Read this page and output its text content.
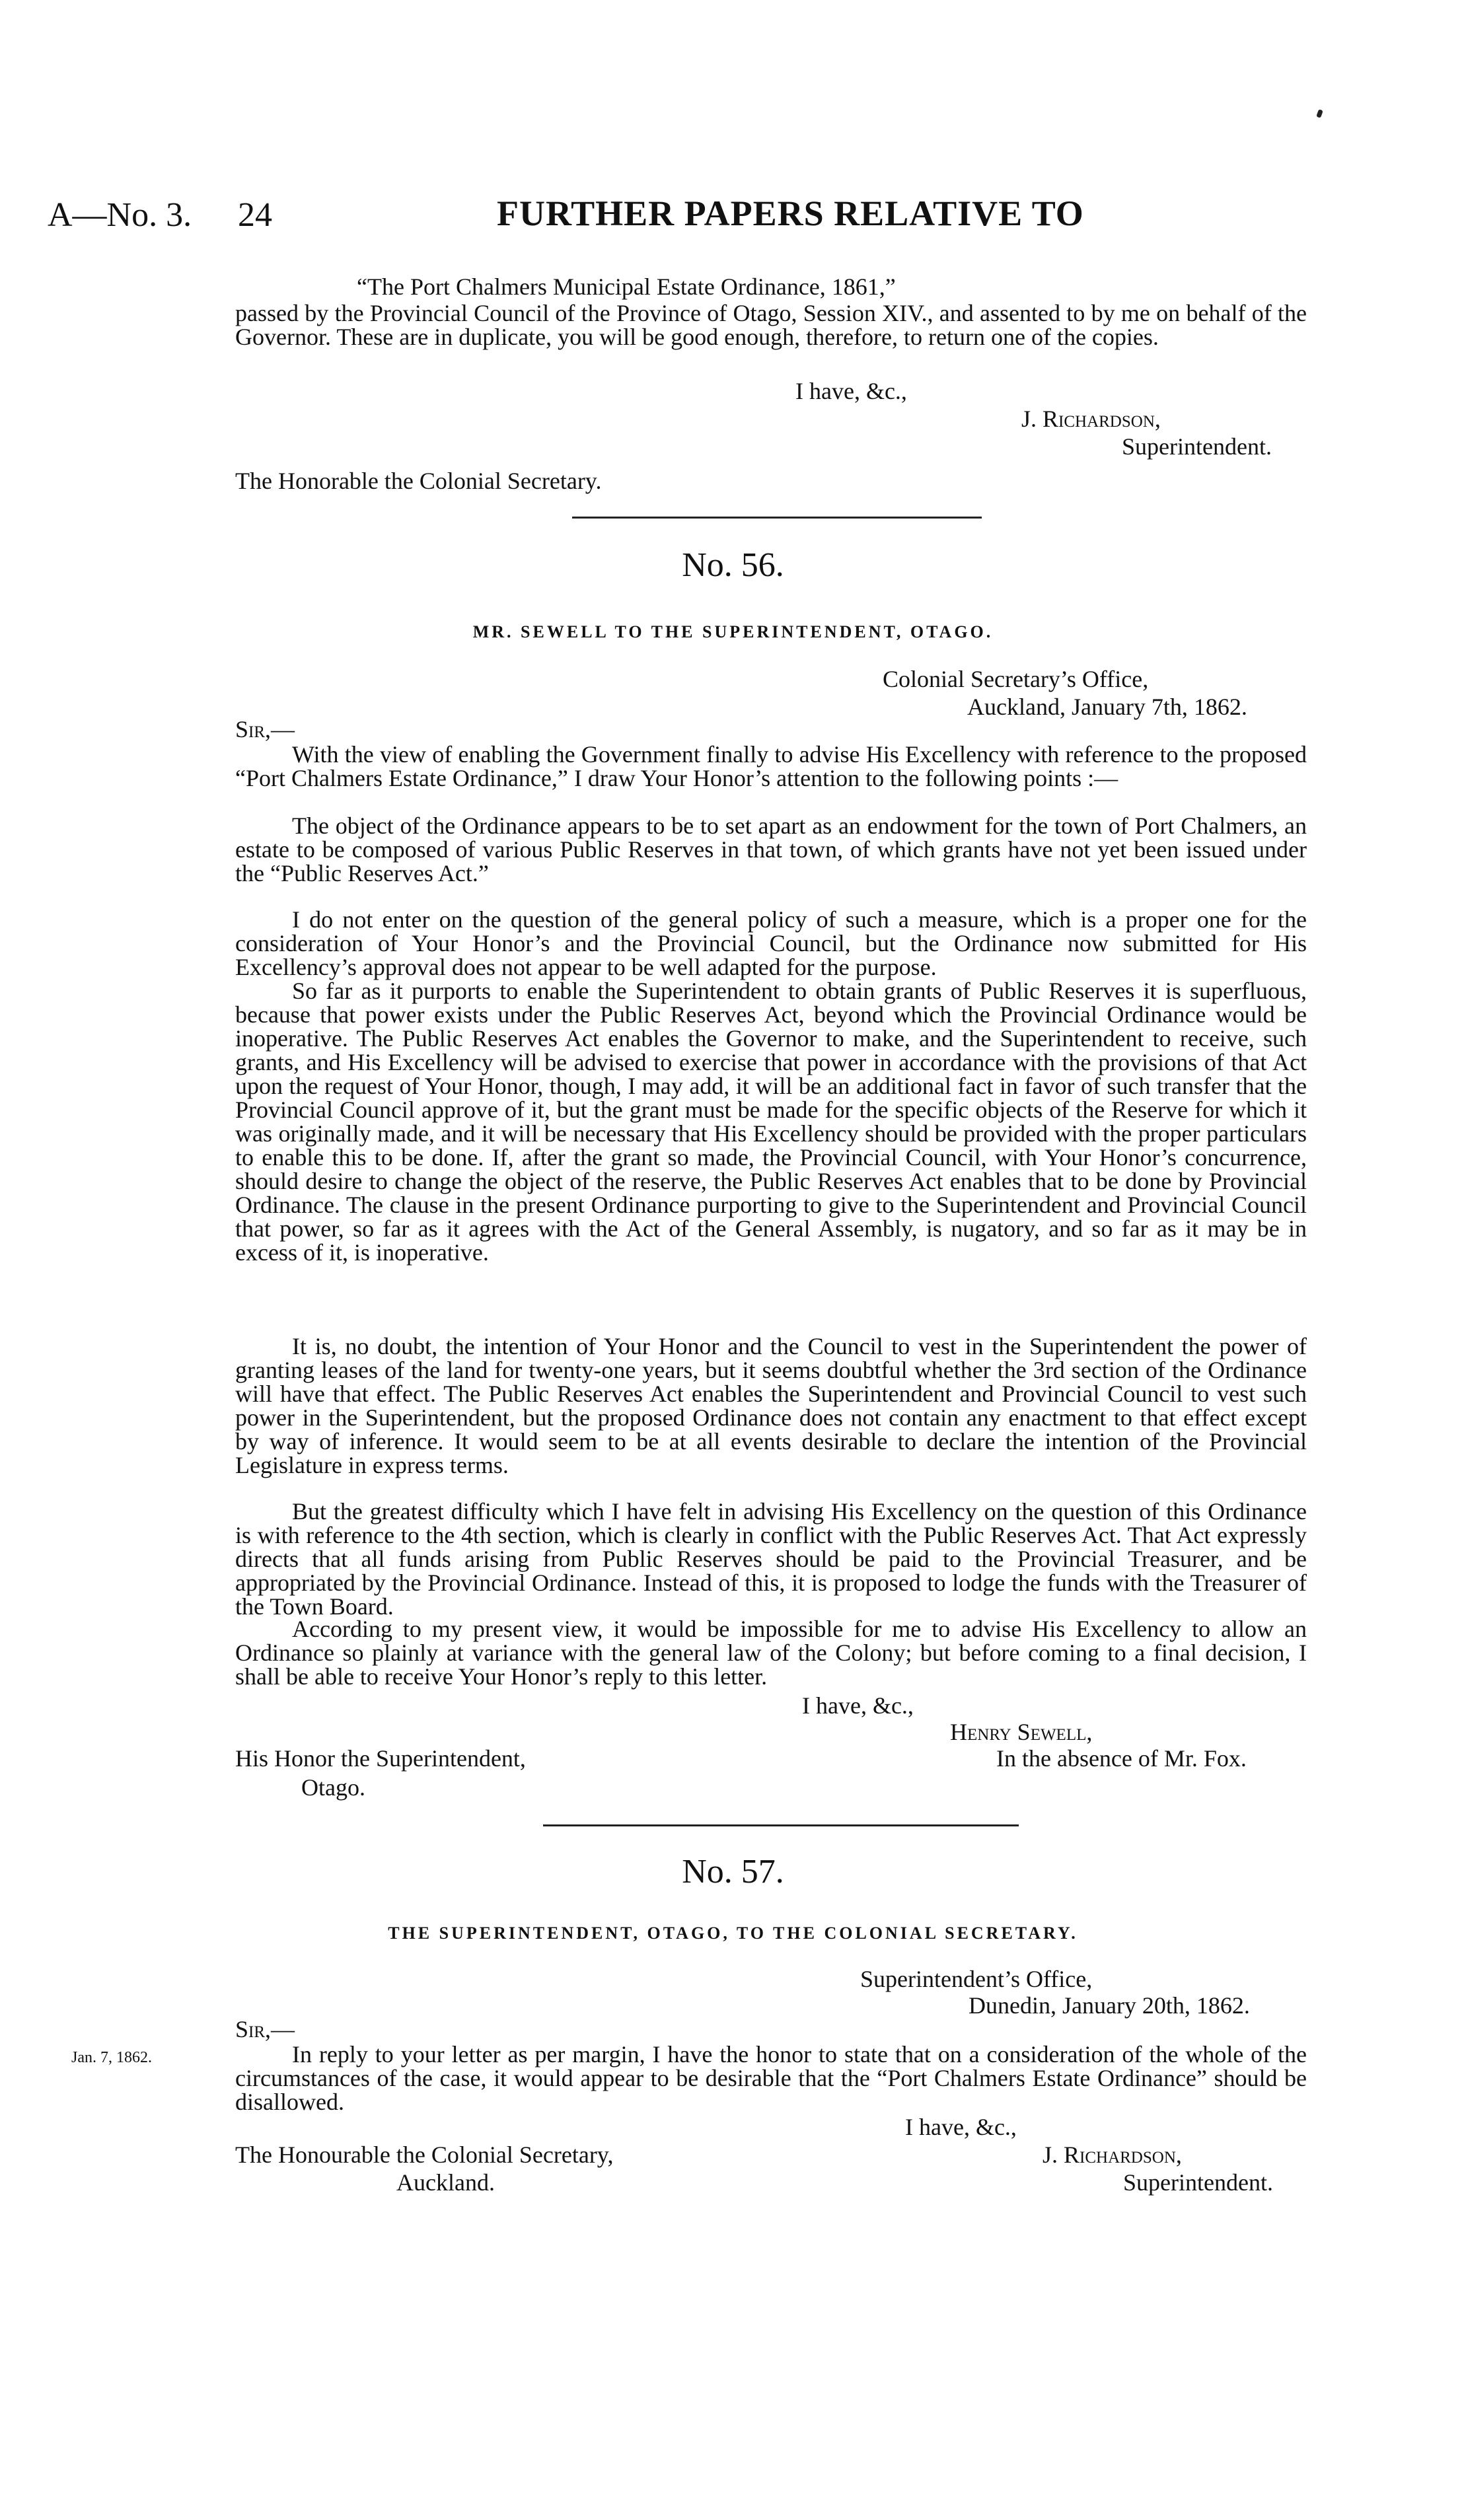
A—No. 3. 24	FURTHER PAPERS RELATIVE TO
“The Port Chalmers Municipal Estate Ordinance, 1861,”

passed by the Provincial Council of the Province of Otago, Session XIV., and assented to by me on behalf of the Governor. These are in duplicate, you will be good enough, therefore, to return one of the copies.

I have, &c.,
J. Richardson,
Superintendent.
The Honorable the Colonial Secretary.
No. 56.
MR. SEWELL TO THE SUPERINTENDENT, OTAGO.
Colonial Secretary’s Office,
Auckland, January 7th, 1862.
Sir,—

With the view of enabling the Government finally to advise His Excellency with reference to the proposed “Port Chalmers Estate Ordinance,” I draw Your Honor’s attention to the following points :—

The object of the Ordinance appears to be to set apart as an endowment for the town of Port Chalmers, an estate to be composed of various Public Reserves in that town, of which grants have not yet been issued under the “Public Reserves Act.”

I do not enter on the question of the general policy of such a measure, which is a proper one for the consideration of Your Honor’s and the Provincial Council, but the Ordinance now submitted for His Excellency’s approval does not appear to be well adapted for the purpose.

So far as it purports to enable the Superintendent to obtain grants of Public Reserves it is superfluous, because that power exists under the Public Reserves Act, beyond which the Provincial Ordinance would be inoperative. The Public Reserves Act enables the Governor to make, and the Superintendent to receive, such grants, and His Excellency will be advised to exercise that power in accordance with the provisions of that Act upon the request of Your Honor, though, I may add, it will be an additional fact in favor of such transfer that the Provincial Council approve of it, but the grant must be made for the specific objects of the Reserve for which it was originally made, and it will be necessary that His Excellency should be provided with the proper particulars to enable this to be done. If, after the grant so made, the Provincial Council, with Your Honor’s concurrence, should desire to change the object of the reserve, the Public Reserves Act enables that to be done by Provincial Ordinance. The clause in the present Ordinance purporting to give to the Superintendent and Provincial Council that power, so far as it agrees with the Act of the General Assembly, is nugatory, and so far as it may be in excess of it, is inoperative.

It is, no doubt, the intention of Your Honor and the Council to vest in the Superintendent the power of granting leases of the land for twenty-one years, but it seems doubtful whether the 3rd section of the Ordinance will have that effect. The Public Reserves Act enables the Superintendent and Provincial Council to vest such power in the Superintendent, but the proposed Ordinance does not contain any enactment to that effect except by way of inference. It would seem to be at all events desirable to declare the intention of the Provincial Legislature in express terms.

But the greatest difficulty which I have felt in advising His Excellency on the question of this Ordinance is with reference to the 4th section, which is clearly in conflict with the Public Reserves Act. That Act expressly directs that all funds arising from Public Reserves should be paid to the Provincial Treasurer, and be appropriated by the Provincial Ordinance. Instead of this, it is proposed to lodge the funds with the Treasurer of the Town Board.

According to my present view, it would be impossible for me to advise His Excellency to allow an Ordinance so plainly at variance with the general law of the Colony; but before coming to a final decision, I shall be able to receive Your Honor’s reply to this letter.

I have, &c.,
Henry Sewell,
His Honor the Superintendent,	In the absence of Mr. Fox.
Otago.
No. 57.
THE SUPERINTENDENT, OTAGO, TO THE COLONIAL SECRETARY.
Superintendent’s Office,
Dunedin, January 20th, 1862.
Sir,—
Jan. 7, 1862.	In reply to your letter as per margin, I have the honor to state that on a consideration of the whole of the circumstances of the case, it would appear to be desirable that the “Port Chalmers Estate Ordinance” should be disallowed.

I have, &c.,
The Honourable the Colonial Secretary,	J. Richardson,
Auckland.	Superintendent.
